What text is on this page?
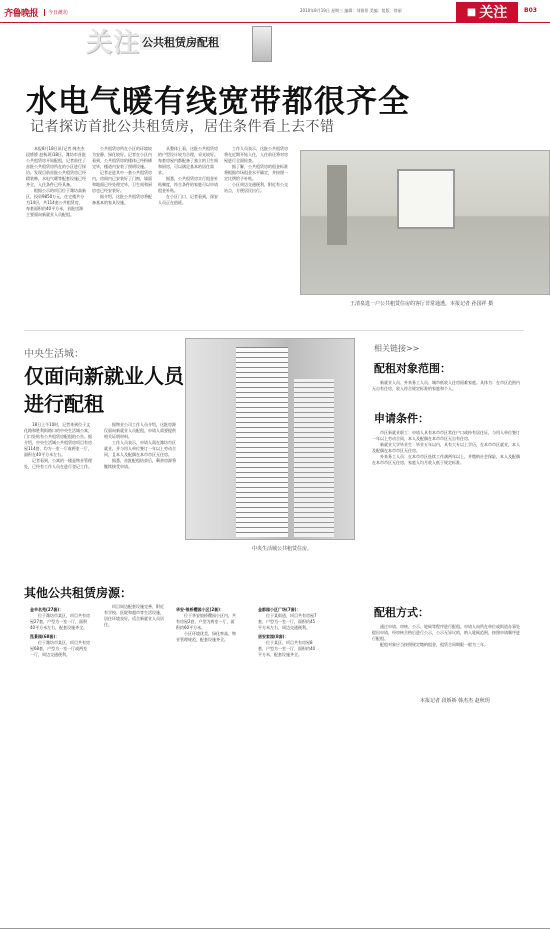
齐鲁晚报	今日潍坊	2010年8月19日 星期三 编辑：刘雅景 美编：组版：徐丽	■ 关注	B03
关注 公共租赁房配租
水电气暖有线宽带都很齐全
记者探访首批公共租赁房，居住条件看上去不错

本报8月18日讯(记者 韩杰杰 段娇娇 赵秋玥)18日，潍坊市首批公共租赁房开始配租，记者前往了首批公共租赁房所在的小区进行探访。发现目前首批公共租赁房已经精装修，水电气暖等配套设施已经齐全，入住条件已经具备。

根据公示的项目位于潍坊高新区，投资9850万元，住宅楼共分为14层，共114套公共租赁房，每套面积约40平方米，首批房源主要面向新就业人员配租。

公共租赁房所在小区的环境较为安静，绿化较好。记者在小区内看到，公共租赁房的楼体已经粉刷完毕，楼道内安装了照明设施。

记者走进其中一套公共租赁房内，房间内已安装好了门窗，墙面和地面已经处理完毕，卫生间和厨房也已经安装好。

据介绍，这批公共租赁房将配备基本的家具设施。

从整体上看，这批公共租赁房的户型设计较为合理，采光较好。每套房屋内都配备了独立的卫生间和厨房，可以满足基本的居住需求。

据悉，公共租赁房实行租金补贴制度，符合条件的家庭可以申请租金补贴。

在小区门口，记者看到，保安人员正在值班。

工作人员表示，这批公共租赁房将在近期开始入住，入住前还将对房屋进行全面检查。

据了解，公共租赁房的租金标准将根据市场租金水平确定，并按照一定比例给予补贴。

小区周边交通便利，附近有公交站点，方便居民出行。

王清泉选一户公共租赁住房的客厅非常通透。本报记者 孙国祥 摄
中央生活城：
仅面向新就业人员
进行配租

18日上午10时，记者来到位于文化路和胜利街路口的中央生活城公寓，门口处贴有公共租赁房配租的公告。据介绍，中央生活城公共租赁房项目有房屋114套，均为一室一厅或两室一厅，面积在40平方米左右。

记者看到，公寓的一楼是物业管理处，已经有工作人员在进行登记工作。

据物业公司工作人员介绍，这批房源仅面向新就业人员配租，申请人需要提供相关证明材料。

工作人员表示，申请人需在潍坊市区就业，并与用人单位签订一年以上劳动合同，且本人及配偶在本市市区无住房。

据悉，首批配租结束后，剩余房源将继续接受申请。

中央生活城公共租赁住房。
相关链接>>
配租对象范围：

新就业人员、外来务工人员、城市低收入住房困难家庭。具体为：在市区范围内无自有住房，收入符合规定标准的家庭和个人。

申请条件：

市区新就业职工：申请人具有本市市区常住户口或持有居住证，与用人单位签订一年以上劳动合同，本人及配偶在本市市区无自有住房。

新就业大学毕业生：毕业五年以内，具有大专以上学历，在本市市区就业，本人及配偶在本市市区无住房。

外来务工人员：在本市市区连续工作满两年以上，并缴纳社会保险，本人及配偶在本市市区无住房，家庭人均月收入低于规定标准。

配租方式：

通过申请、审核、公示、轮候等程序进行配租。申请人向所在单位或街道办事处提出申请，经审核合格后进行公示，公示无异议的，纳入轮候范围，按照申请顺序进行配租。

配租对象应当按照规定缴纳租金，租赁合同期限一般为三年。

本报记者 段娇娇 韩杰杰 赵秋玥
其他公共租赁房源：

金羊名苑(27套)：

位于潍坊市某区，项目共有房屋27套，户型为一室一厅，面积40平方米左右，配套设施齐全。

泓景园(68套)：

位于潍坊市某区，项目共有房屋68套，户型为一室一厅或两室一厅，周边交通便利。

项目周边配套设施完善，附近有学校、医院和超市等生活设施，居住环境良好，适合新就业人员居住。

华安·银桥樱园小区(2套)：

位于华安银桥樱园小区内，共有房屋2套，户型为两室一厅，面积约60平方米。

小区环境优美，绿化率高，物业管理规范，配套设施齐全。

金都园小区广场(7套)：

位于某街道，项目共有房屋7套，户型为一室一厅，面积约45平方米左右，周边交通便利。

居安家园(8套)：

位于某区，项目共有房屋8套，户型为一室一厅，面积约40平方米，配套设施齐全。
